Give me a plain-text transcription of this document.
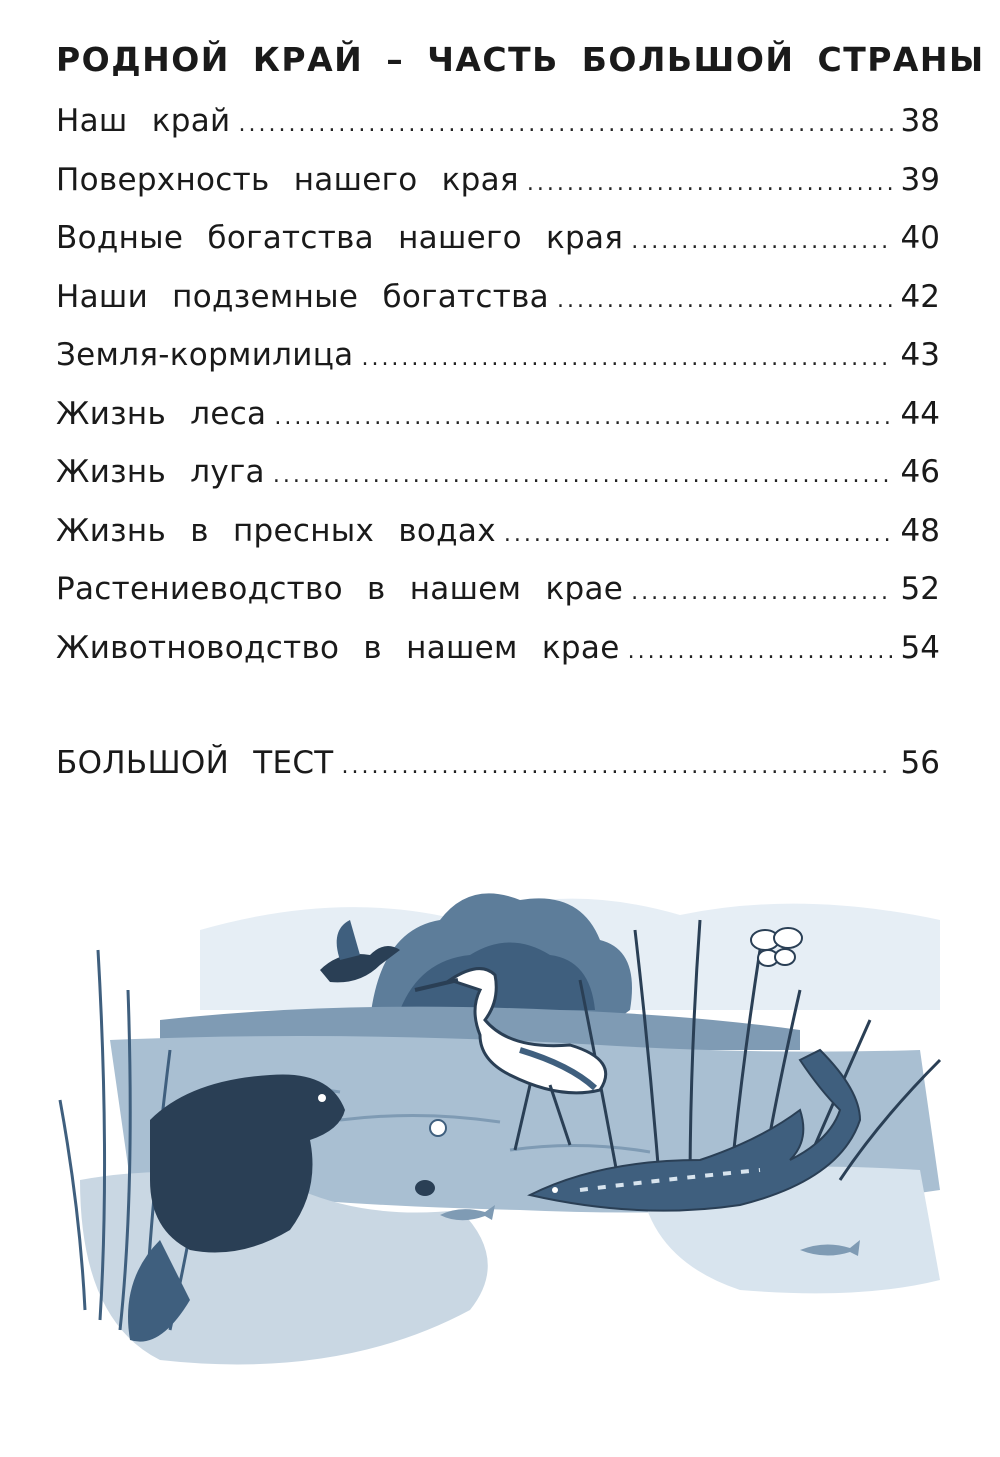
РОДНОЙ КРАЙ – ЧАСТЬ БОЛЬШОЙ СТРАНЫ
Наш край .....	38
Поверхность нашего края .....	39
Водные богатства нашего края .....	40
Наши подземные богатства .....	42
Земля-кормилица .....	43
Жизнь леса .....	44
Жизнь луга .....	46
Жизнь в пресных водах .....	48
Растениеводство в нашем крае .....	52
Животноводство в нашем крае .....	54
БОЛЬШОЙ ТЕСТ .....	56
